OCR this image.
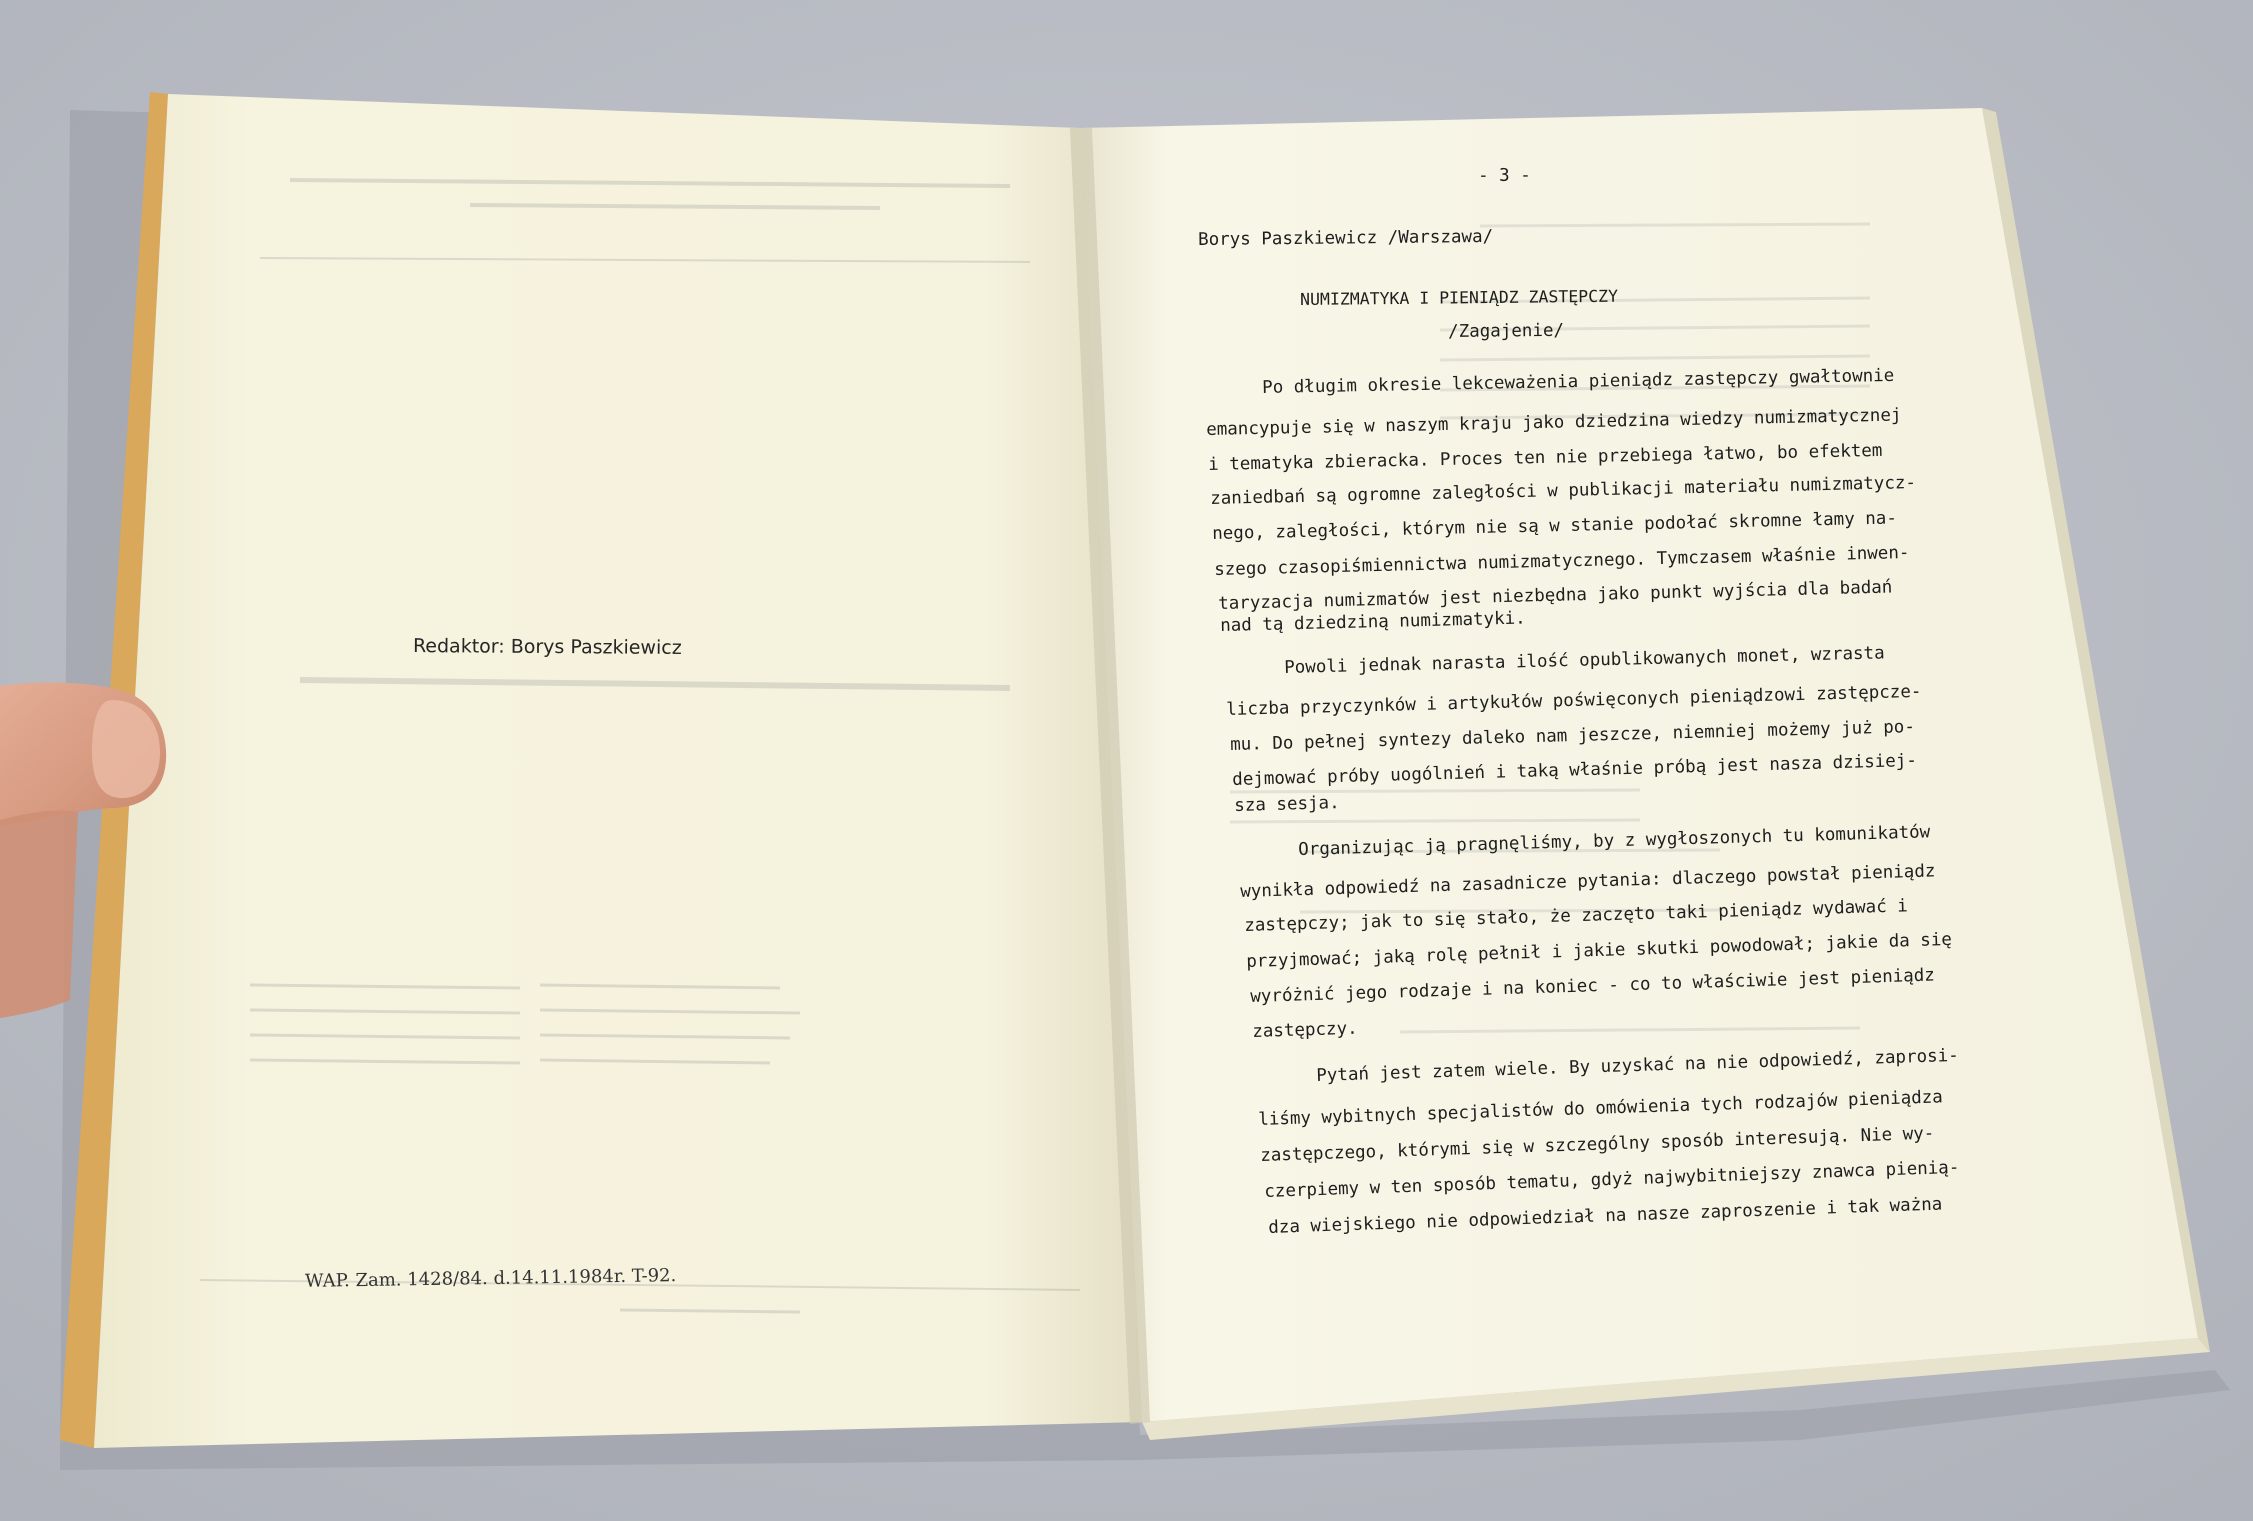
Redaktor: Borys Paszkiewicz
WAP. Zam. 1428/84. d.14.11.1984r. T-92.
- 3 -
Borys Paszkiewicz /Warszawa/
NUMIZMATYKA I PIENIĄDZ ZASTĘPCZY
/Zagajenie/
Po długim okresie lekceważenia pieniądz zastępczy gwałtownie
emancypuje się w naszym kraju jako dziedzina wiedzy numizmatycznej
i tematyka zbieracka. Proces ten nie przebiega łatwo, bo efektem
zaniedbań są ogromne zaległości w publikacji materiału numizmatycz-
nego, zaległości, którym nie są w stanie podołać skromne łamy na-
szego czasopiśmiennictwa numizmatycznego. Tymczasem właśnie inwen-
taryzacja numizmatów jest niezbędna jako punkt wyjścia dla badań
nad tą dziedziną numizmatyki.
Powoli jednak narasta ilość opublikowanych monet, wzrasta
liczba przyczynków i artykułów poświęconych pieniądzowi zastępcze-
mu. Do pełnej syntezy daleko nam jeszcze, niemniej możemy już po-
dejmować próby uogólnień i taką właśnie próbą jest nasza dzisiej-
sza sesja.
Organizując ją pragnęliśmy, by z wygłoszonych tu komunikatów
wynikła odpowiedź na zasadnicze pytania: dlaczego powstał pieniądz
zastępczy; jak to się stało, że zaczęto taki pieniądz wydawać i
przyjmować; jaką rolę pełnił i jakie skutki powodował; jakie da się
wyróżnić jego rodzaje i na koniec - co to właściwie jest pieniądz
zastępczy.
Pytań jest zatem wiele. By uzyskać na nie odpowiedź, zaprosi-
liśmy wybitnych specjalistów do omówienia tych rodzajów pieniądza
zastępczego, którymi się w szczególny sposób interesują. Nie wy-
czerpiemy w ten sposób tematu, gdyż najwybitniejszy znawca pienią-
dza wiejskiego nie odpowiedział na nasze zaproszenie i tak ważna
